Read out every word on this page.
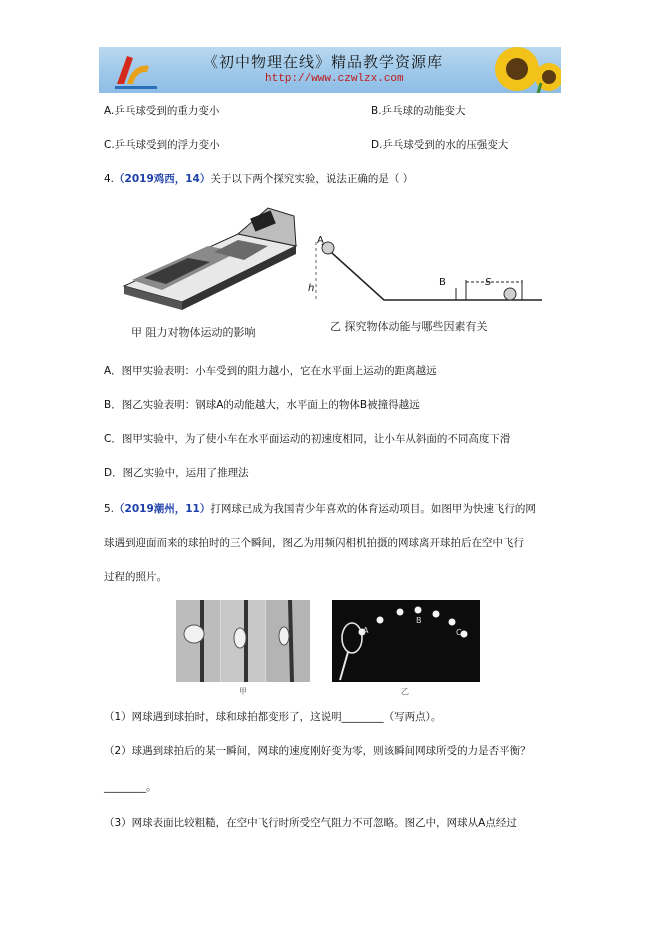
《初中物理在线》精品教学资源库
http://www.czwlzx.com
A.乒乓球受到的重力变小	B.乒乓球的动能变大
C.乒乓球受到的浮力变小	D.乒乓球受到的水的压强变大
4.（2019鸡西，14）关于以下两个探究实验，说法正确的是（ ）
甲 阻力对物体运动的影响
A
h
B	S
乙 探究物体动能与哪些因素有关
A．图甲实验表明：小车受到的阻力越小，它在水平面上运动的距离越远
B．图乙实验表明：钢球A的动能越大，水平面上的物体B被撞得越远
C．图甲实验中，为了使小车在水平面运动的初速度相同，让小车从斜面的不同高度下滑
D．图乙实验中，运用了推理法
5.（2019潮州，11）打网球已成为我国青少年喜欢的体育运动项目。如图甲为快速飞行的网
球遇到迎面而来的球拍时的三个瞬间，图乙为用频闪相机拍摄的网球离开球拍后在空中飞行
过程的照片。
甲
A
B
C
乙
（1）网球遇到球拍时，球和球拍都变形了，这说明________（写两点）。
（2）球遇到球拍后的某一瞬间，网球的速度刚好变为零，则该瞬间网球所受的力是否平衡？
________。
（3）网球表面比较粗糙，在空中飞行时所受空气阻力不可忽略。图乙中，网球从A点经过
